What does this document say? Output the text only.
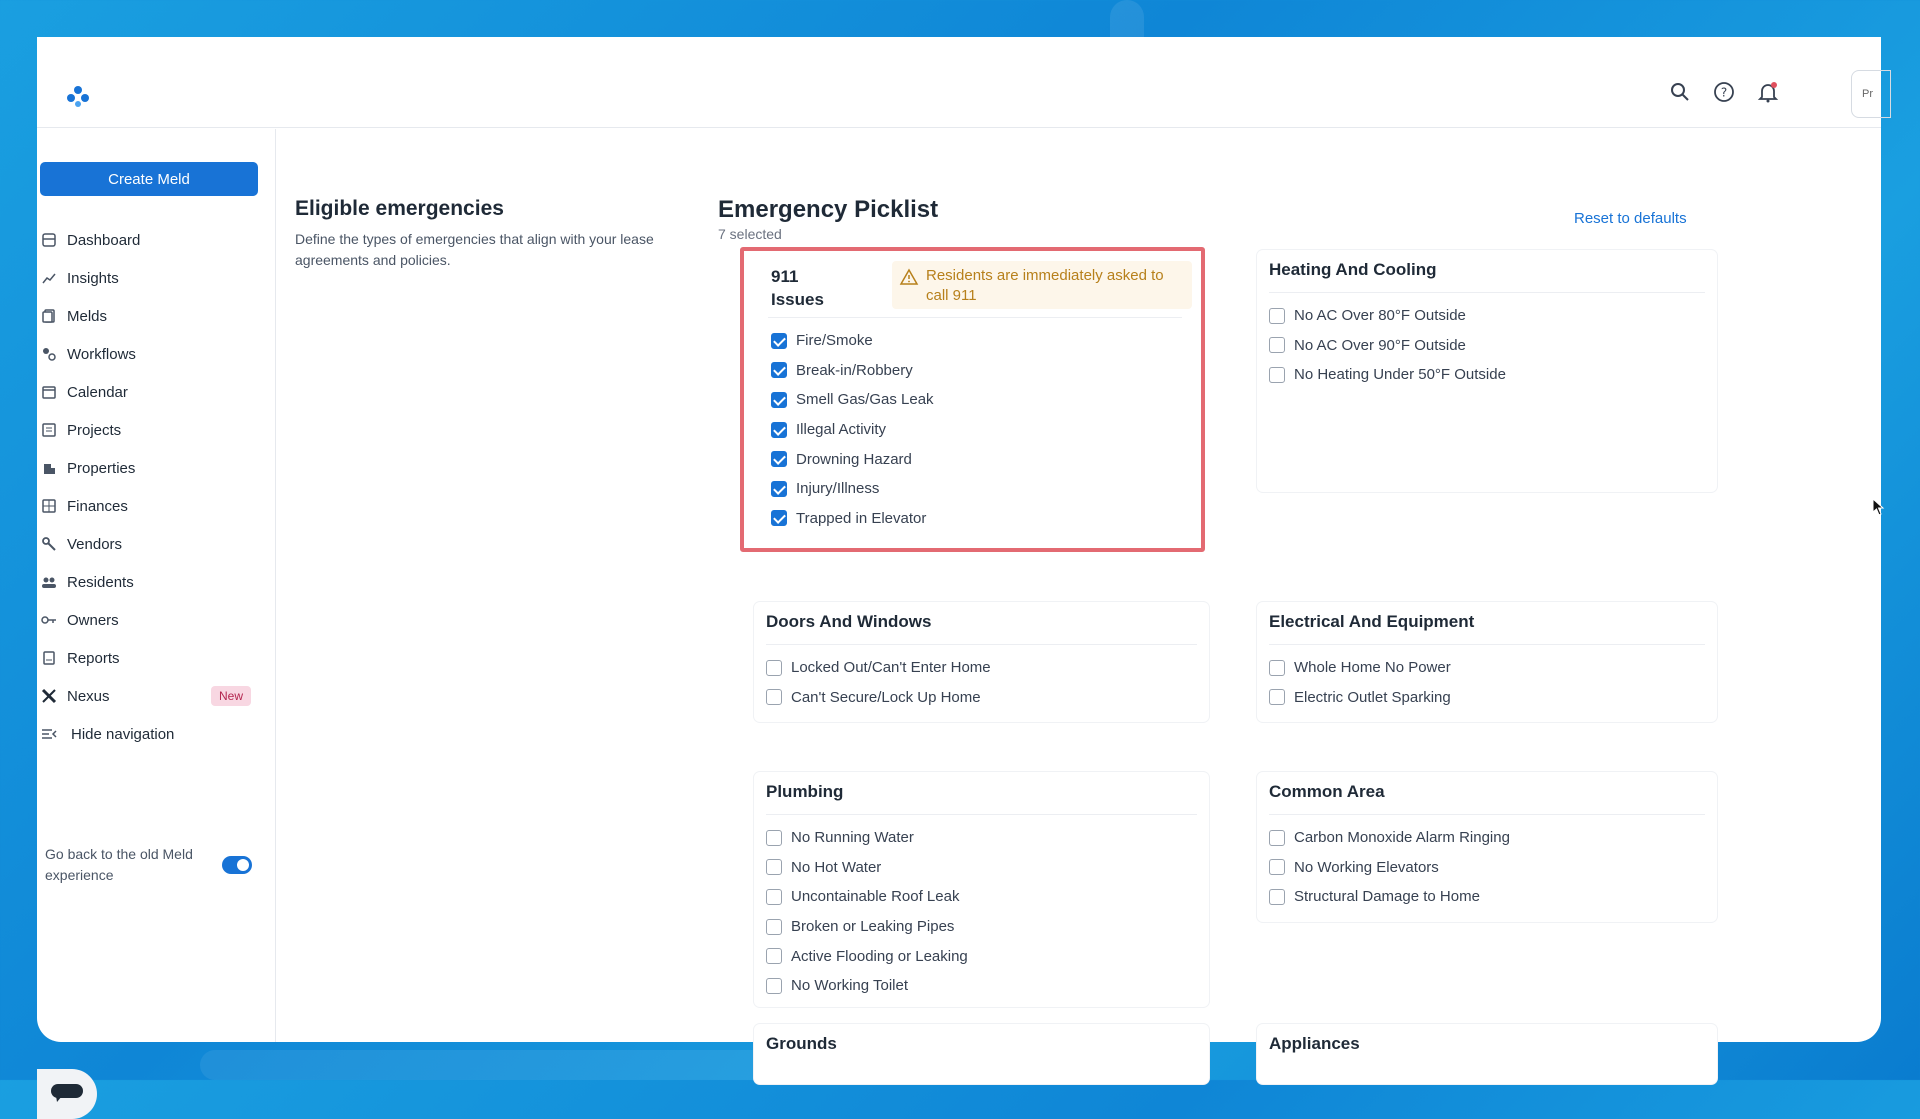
?	Pr
Create Meld
Dashboard
Insights
Melds
Workflows
Calendar
Projects
Properties
Finances
Vendors
Residents
Owners
Reports
Nexus	New
Hide navigation
Go back to the old Meld experience
Eligible emergencies
Define the types of emergencies that align with your lease agreements and policies.
Emergency Picklist
7 selected
Reset to defaults
911 Issues
Residents are immediately asked to call 911
Fire/Smoke
Break-in/Robbery
Smell Gas/Gas Leak
Illegal Activity
Drowning Hazard
Injury/Illness
Trapped in Elevator
Heating And Cooling
No AC Over 80°F Outside
No AC Over 90°F Outside
No Heating Under 50°F Outside
Doors And Windows
Locked Out/Can't Enter Home
Can't Secure/Lock Up Home
Electrical And Equipment
Whole Home No Power
Electric Outlet Sparking
Plumbing
No Running Water
No Hot Water
Uncontainable Roof Leak
Broken or Leaking Pipes
Active Flooding or Leaking
No Working Toilet
Common Area
Carbon Monoxide Alarm Ringing
No Working Elevators
Structural Damage to Home
Grounds	Appliances
